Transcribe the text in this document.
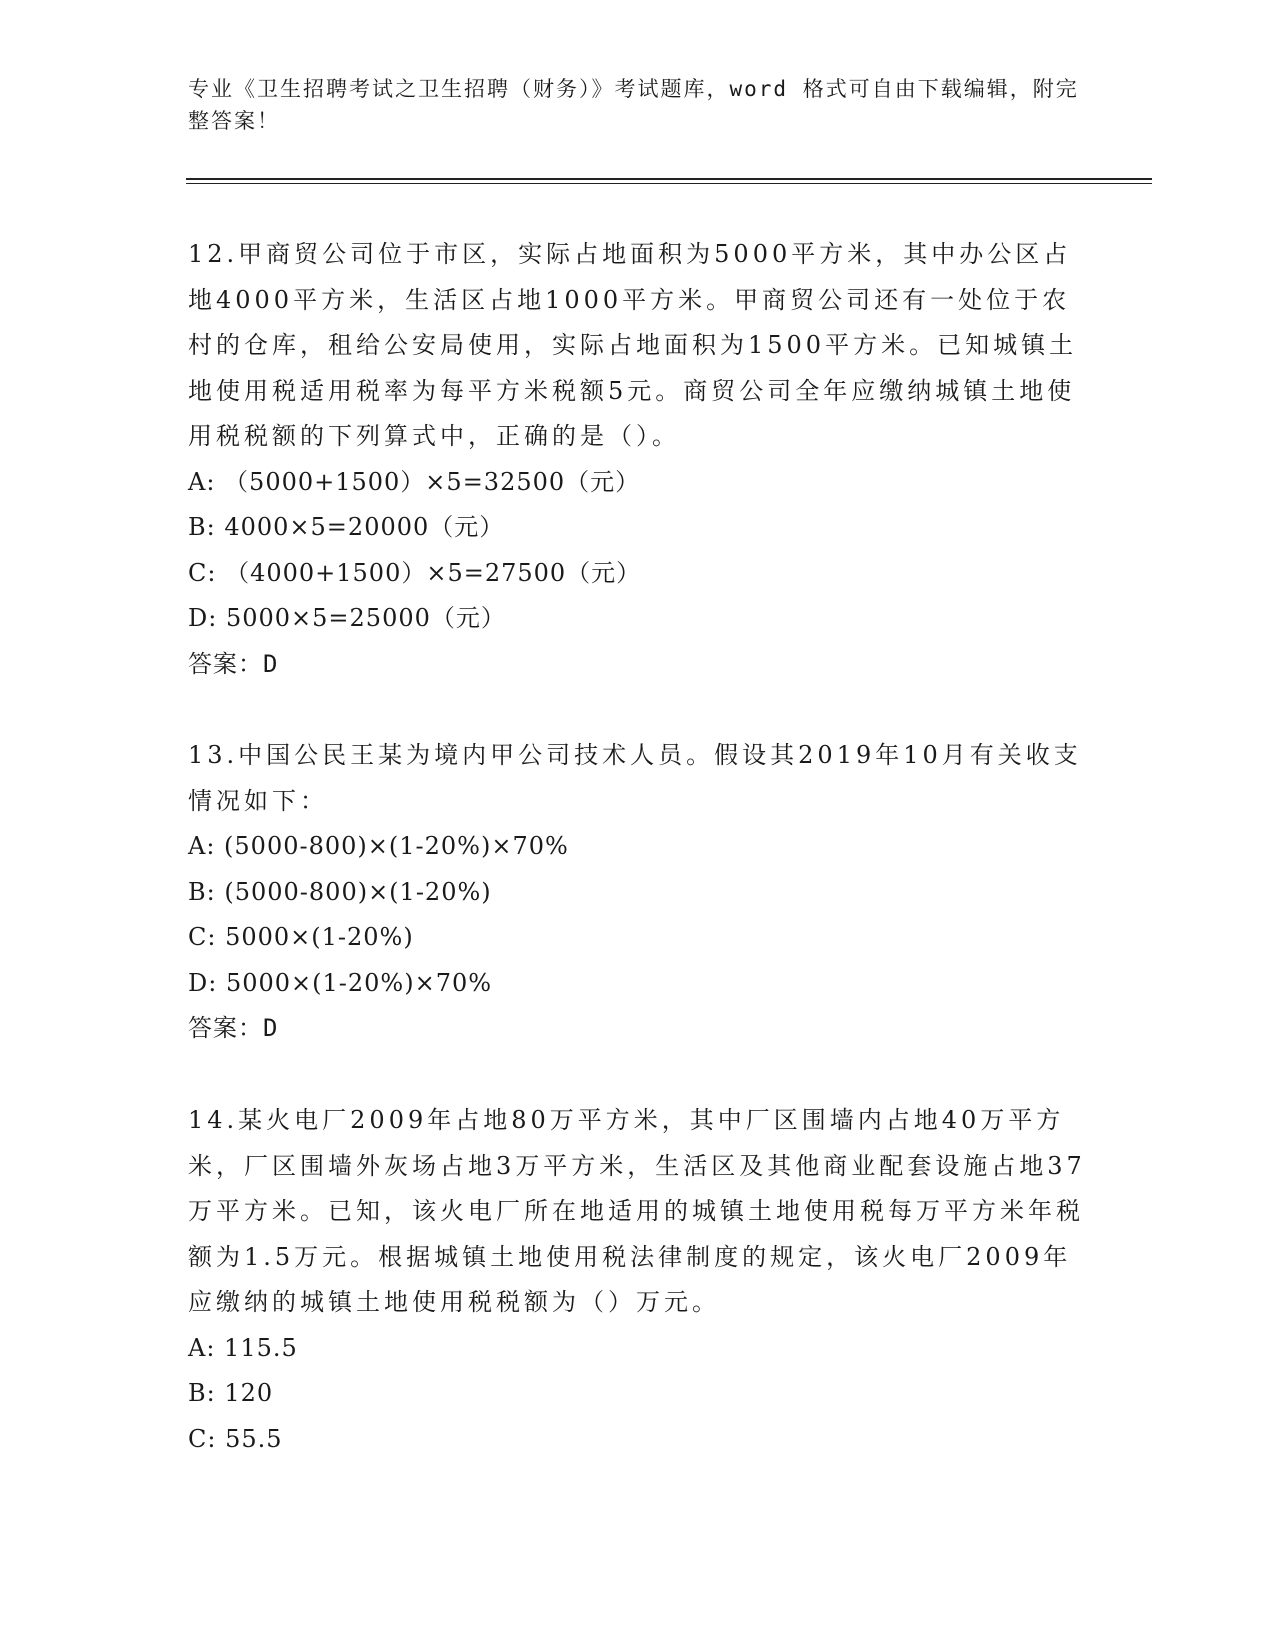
专业《卫生招聘考试之卫生招聘（财务）》考试题库，word 格式可自由下载编辑，附完整答案！

12.甲商贸公司位于市区，实际占地面积为5000平方米，其中办公区占地4000平方米，生活区占地1000平方米。甲商贸公司还有一处位于农村的仓库，租给公安局使用，实际占地面积为1500平方米。已知城镇土地使用税适用税率为每平方米税额5元。商贸公司全年应缴纳城镇土地使用税税额的下列算式中，正确的是（）。

A: （5000+1500）×5=32500（元）

B: 4000×5=20000（元）

C: （4000+1500）×5=27500（元）

D: 5000×5=25000（元）

答案：D

13.中国公民王某为境内甲公司技术人员。假设其2019年10月有关收支情况如下：

A: (5000-800)×(1-20%)×70%

B: (5000-800)×(1-20%)

C: 5000×(1-20%)

D: 5000×(1-20%)×70%

答案：D

14.某火电厂2009年占地80万平方米，其中厂区围墙内占地40万平方米，厂区围墙外灰场占地3万平方米，生活区及其他商业配套设施占地37万平方米。已知，该火电厂所在地适用的城镇土地使用税每万平方米年税额为1.5万元。根据城镇土地使用税法律制度的规定，该火电厂2009年应缴纳的城镇土地使用税税额为（）万元。

A: 115.5

B: 120

C: 55.5
